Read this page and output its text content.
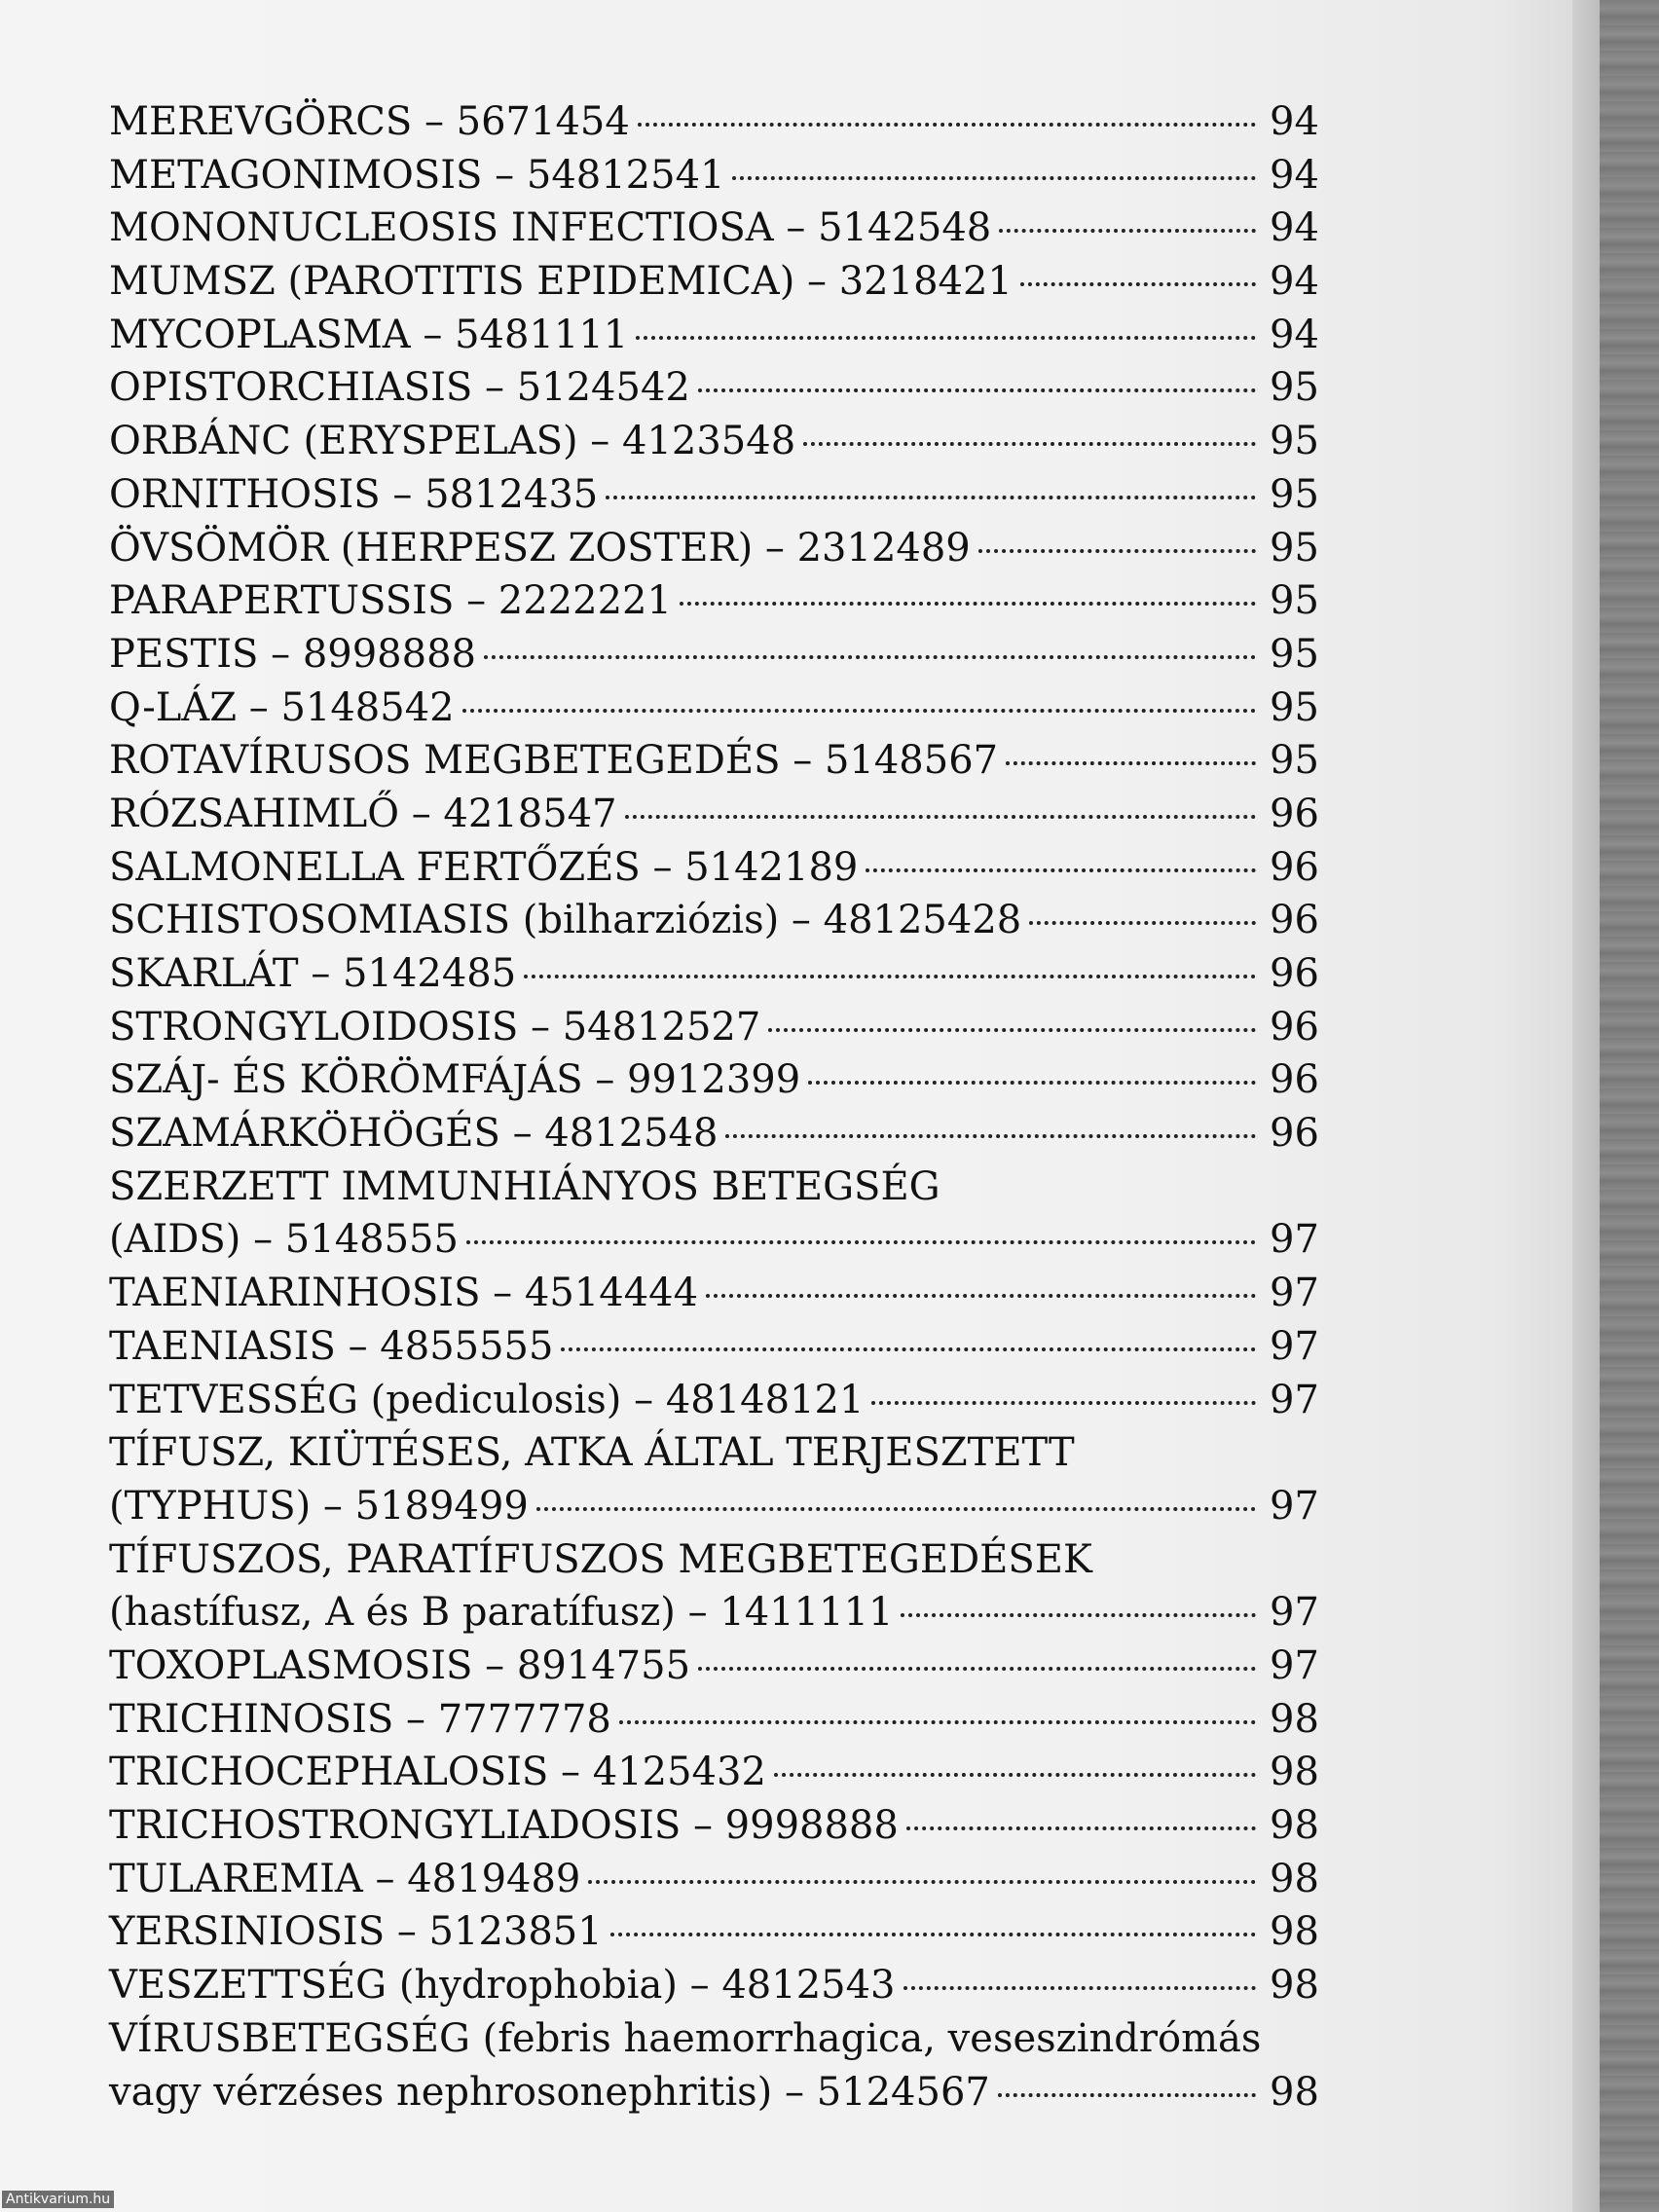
MEREVGÖRCS – 5671454	94
METAGONIMOSIS – 54812541	94
MONONUCLEOSIS INFECTIOSA – 5142548	94
MUMSZ (PAROTITIS EPIDEMICA) – 3218421	94
MYCOPLASMA – 5481111	94
OPISTORCHIASIS – 5124542	95
ORBÁNC (ERYSPELAS) – 4123548	95
ORNITHOSIS – 5812435	95
ÖVSÖMÖR (HERPESZ ZOSTER) – 2312489	95
PARAPERTUSSIS – 2222221	95
PESTIS – 8998888	95
Q-LÁZ – 5148542	95
ROTAVÍRUSOS MEGBETEGEDÉS – 5148567	95
RÓZSAHIMLŐ – 4218547	96
SALMONELLA FERTŐZÉS – 5142189	96
SCHISTOSOMIASIS (bilharziózis) – 48125428	96
SKARLÁT – 5142485	96
STRONGYLOIDOSIS – 54812527	96
SZÁJ- ÉS KÖRÖMFÁJÁS – 9912399	96
SZAMÁRKÖHÖGÉS – 4812548	96
SZERZETT IMMUNHIÁNYOS BETEGSÉG
(AIDS) – 5148555	97
TAENIARINHOSIS – 4514444	97
TAENIASIS – 4855555	97
TETVESSÉG (pediculosis) – 48148121	97
TÍFUSZ, KIÜTÉSES, ATKA ÁLTAL TERJESZTETT
(TYPHUS) – 5189499	97
TÍFUSZOS, PARATÍFUSZOS MEGBETEGEDÉSEK
(hastífusz, A és B paratífusz) – 1411111	97
TOXOPLASMOSIS – 8914755	97
TRICHINOSIS – 7777778	98
TRICHOCEPHALOSIS – 4125432	98
TRICHOSTRONGYLIADOSIS – 9998888	98
TULAREMIA – 4819489	98
YERSINIOSIS – 5123851	98
VESZETTSÉG (hydrophobia) – 4812543	98
VÍRUSBETEGSÉG (febris haemorrhagica, veseszindrómás
vagy vérzéses nephrosonephritis) – 5124567	98
Antikvarium.hu
